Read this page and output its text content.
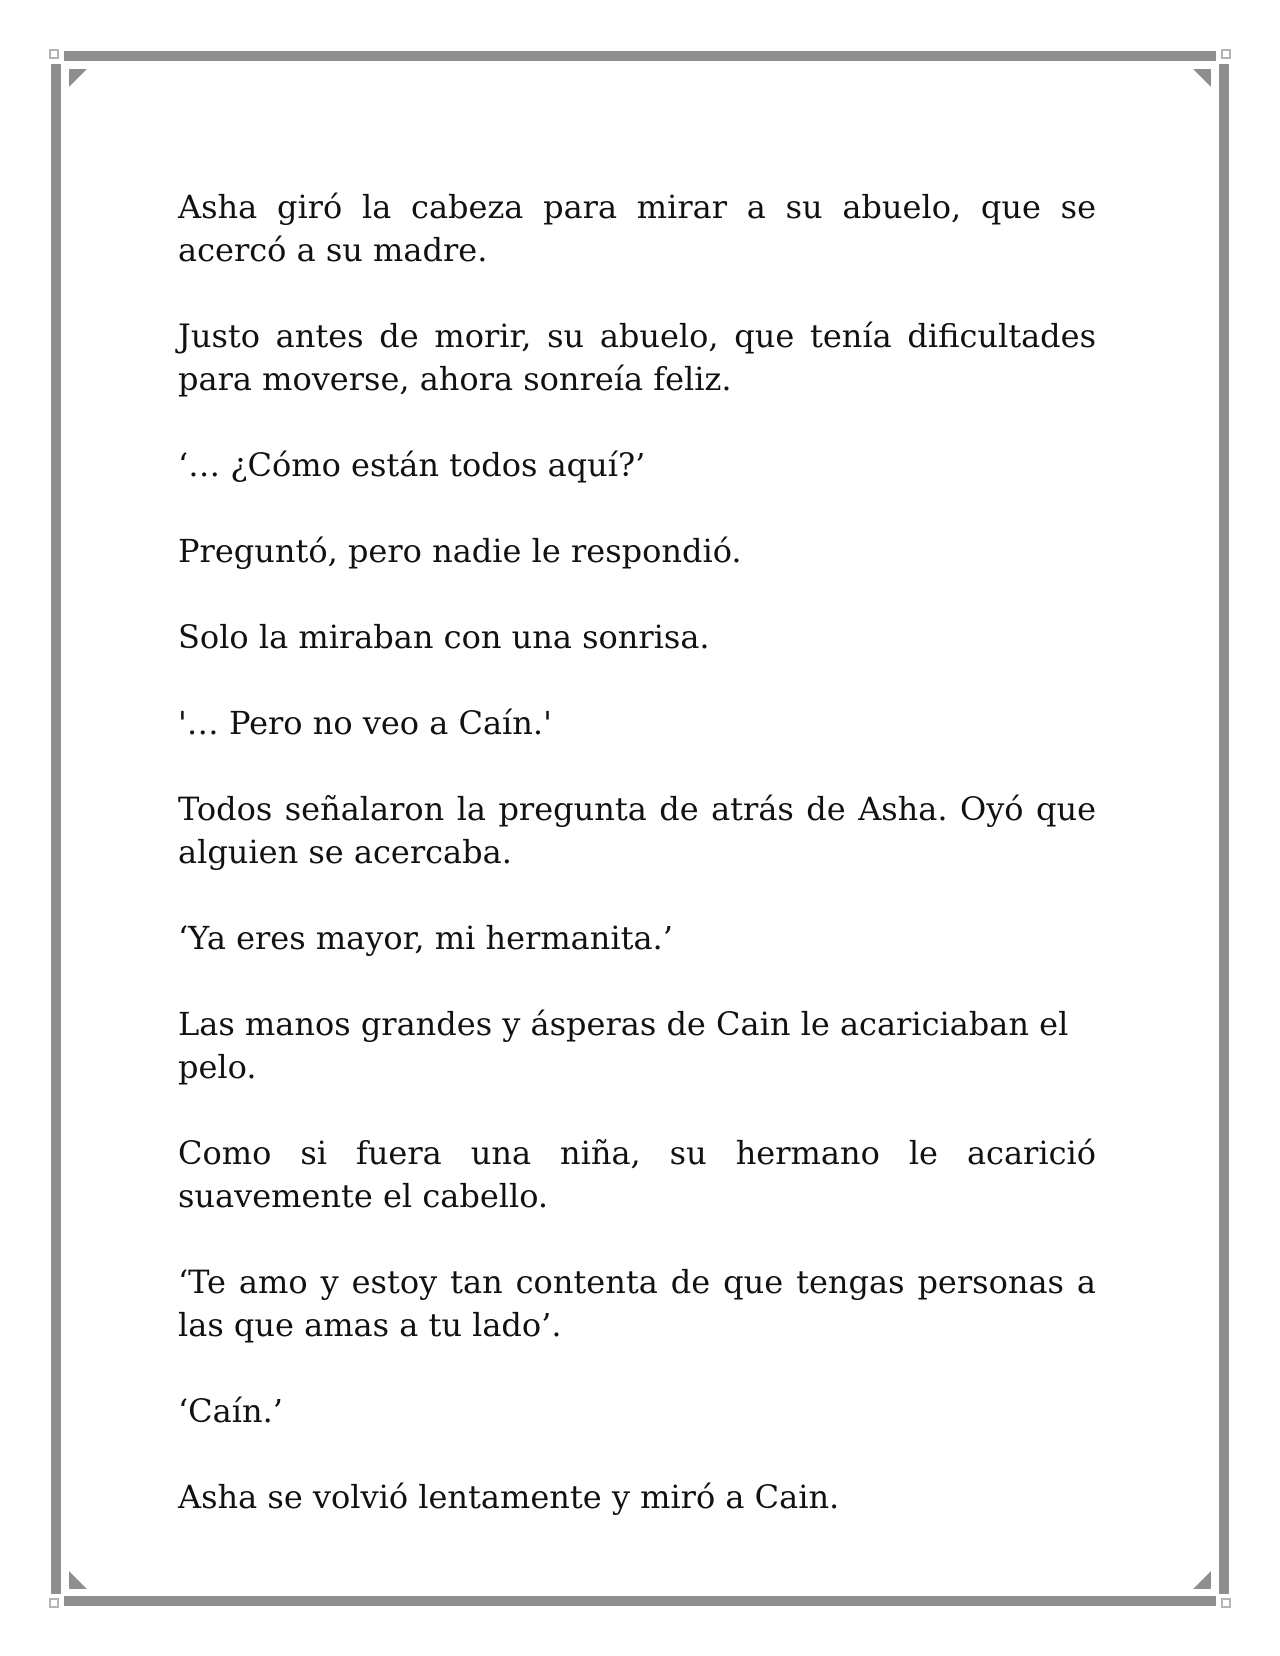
Asha giró la cabeza para mirar a su abuelo, que se acercó a su madre.

Justo antes de morir, su abuelo, que tenía dificultades para moverse, ahora sonreía feliz.

‘… ¿Cómo están todos aquí?’

Preguntó, pero nadie le respondió.

Solo la miraban con una sonrisa.

'… Pero no veo a Caín.'

Todos señalaron la pregunta de atrás de Asha. Oyó que alguien se acercaba.

‘Ya eres mayor, mi hermanita.’

Las manos grandes y ásperas de Cain le acariciaban el pelo.

Como si fuera una niña, su hermano le acarició suavemente el cabello.

‘Te amo y estoy tan contenta de que tengas personas a las que amas a tu lado’.

‘Caín.’

Asha se volvió lentamente y miró a Cain.
